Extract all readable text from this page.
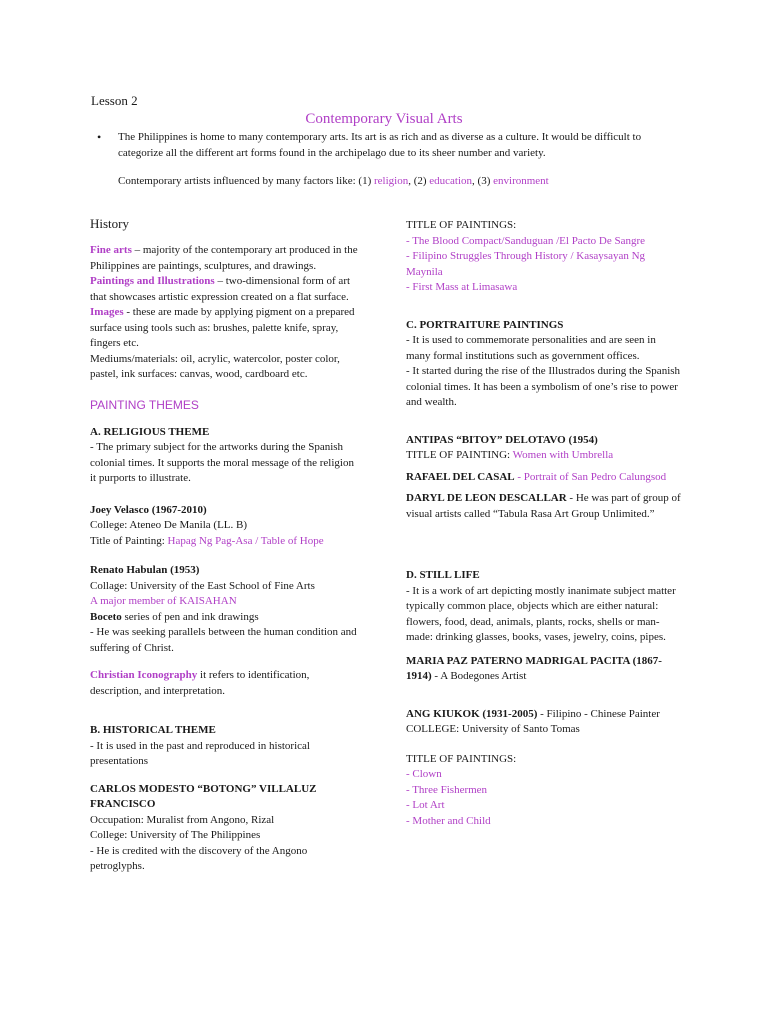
Lesson 2
Contemporary Visual Arts
• The Philippines is home to many contemporary arts. Its art is as rich and as diverse as a culture. It would be difficult to categorize all the different art forms found in the archipelago due to its sheer number and variety.
Contemporary artists influenced by many factors like: (1) religion, (2) education, (3) environment
History
Fine arts – majority of the contemporary art produced in the Philippines are paintings, sculptures, and drawings.
Paintings and Illustrations – two-dimensional form of art that showcases artistic expression created on a flat surface.
Images - these are made by applying pigment on a prepared surface using tools such as: brushes, palette knife, spray, fingers etc.
Mediums/materials: oil, acrylic, watercolor, poster color, pastel, ink surfaces: canvas, wood, cardboard etc.
PAINTING THEMES
A. RELIGIOUS THEME
- The primary subject for the artworks during the Spanish colonial times. It supports the moral message of the religion it purports to illustrate.
Joey Velasco (1967-2010)
College: Ateneo De Manila (LL. B)
Title of Painting: Hapag Ng Pag-Asa / Table of Hope
Renato Habulan (1953)
Collage: University of the East School of Fine Arts
A major member of KAISAHAN
Boceto series of pen and ink drawings
- He was seeking parallels between the human condition and suffering of Christ.
Christian Iconography it refers to identification, description, and interpretation.
B. HISTORICAL THEME
- It is used in the past and reproduced in historical presentations
CARLOS MODESTO “BOTONG” VILLALUZ FRANCISCO
Occupation: Muralist from Angono, Rizal
College: University of The Philippines
- He is credited with the discovery of the Angono petroglyphs.
TITLE OF PAINTINGS:
- The Blood Compact/Sanduguan /El Pacto De Sangre
- Filipino Struggles Through History / Kasaysayan Ng Maynila
- First Mass at Limasawa
C. PORTRAITURE PAINTINGS
- It is used to commemorate personalities and are seen in many formal institutions such as government offices.
- It started during the rise of the Illustrados during the Spanish colonial times. It has been a symbolism of one’s rise to power and wealth.
ANTIPAS “BITOY” DELOTAVO (1954)
TITLE OF PAINTING: Women with Umbrella
RAFAEL DEL CASAL - Portrait of San Pedro Calungsod
DARYL DE LEON DESCALLAR - He was part of group of visual artists called “Tabula Rasa Art Group Unlimited.”
D. STILL LIFE
- It is a work of art depicting mostly inanimate subject matter typically common place, objects which are either natural: flowers, food, dead, animals, plants, rocks, shells or man-made: drinking glasses, books, vases, jewelry, coins, pipes.
MARIA PAZ PATERNO MADRIGAL PACITA (1867-1914) - A Bodegones Artist
ANG KIUKOK (1931-2005) - Filipino - Chinese Painter
COLLEGE: University of Santo Tomas
TITLE OF PAINTINGS:
- Clown
- Three Fishermen
- Lot Art
- Mother and Child
